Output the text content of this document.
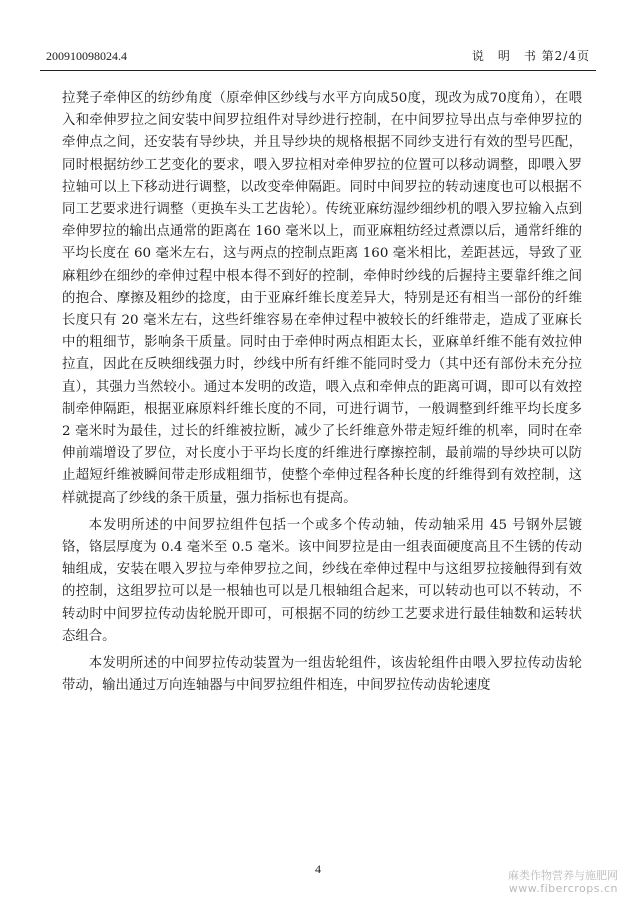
200910098024.4	说　明　书 第2/4页

拉凳子牵伸区的纺纱角度（原牵伸区纱线与水平方向成50度，现改为成70度角），在喂入和牵伸罗拉之间安装中间罗拉组件对导纱进行控制，在中间罗拉导出点与牵伸罗拉的牵伸点之间，还安装有导纱块，并且导纱块的规格根据不同纱支进行有效的型号匹配，同时根据纺纱工艺变化的要求，喂入罗拉相对牵伸罗拉的位置可以移动调整，即喂入罗拉轴可以上下移动进行调整，以改变牵伸隔距。同时中间罗拉的转动速度也可以根据不同工艺要求进行调整（更换车头工艺齿轮）。传统亚麻纺湿纱细纱机的喂入罗拉输入点到牵伸罗拉的输出点通常的距离在 160 毫米以上，而亚麻粗纺经过煮漂以后，通常纤维的平均长度在 60 毫米左右，这与两点的控制点距离 160 毫米相比，差距甚远，导致了亚麻粗纱在细纱的牵伸过程中根本得不到好的控制，牵伸时纱线的后握持主要靠纤维之间的抱合、摩擦及粗纱的捻度，由于亚麻纤维长度差异大，特别是还有相当一部份的纤维长度只有 20 毫米左右，这些纤维容易在牵伸过程中被较长的纤维带走，造成了亚麻长中的粗细节，影响条干质量。同时由于牵伸时两点相距太长，亚麻单纤维不能有效拉伸拉直，因此在反映细线强力时，纱线中所有纤维不能同时受力（其中还有部份未充分拉直），其强力当然较小。通过本发明的改造，喂入点和牵伸点的距离可调，即可以有效控制牵伸隔距，根据亚麻原料纤维长度的不同，可进行调节，一般调整到纤维平均长度多 2 毫米时为最佳，过长的纤维被拉断，减少了长纤维意外带走短纤维的机率，同时在牵伸前端增设了罗位，对长度小于平均长度的纤维进行摩擦控制，最前端的导纱块可以防止超短纤维被瞬间带走形成粗细节，使整个牵伸过程各种长度的纤维得到有效控制，这样就提高了纱线的条干质量，强力指标也有提高。

本发明所述的中间罗拉组件包括一个或多个传动轴，传动轴采用 45 号钢外层镀铬，铬层厚度为 0.4 毫米至 0.5 毫米。该中间罗拉是由一组表面硬度高且不生锈的传动轴组成，安装在喂入罗拉与牵伸罗拉之间，纱线在牵伸过程中与这组罗拉接触得到有效的控制，这组罗拉可以是一根轴也可以是几根轴组合起来，可以转动也可以不转动，不转动时中间罗拉传动齿轮脱开即可，可根据不同的纺纱工艺要求进行最佳轴数和运转状态组合。

本发明所述的中间罗拉传动装置为一组齿轮组件，该齿轮组件由喂入罗拉传动齿轮带动，输出通过万向连轴器与中间罗拉组件相连，中间罗拉传动齿轮速度

4	麻类作物营养与施肥网
www.fibercrops.cn
